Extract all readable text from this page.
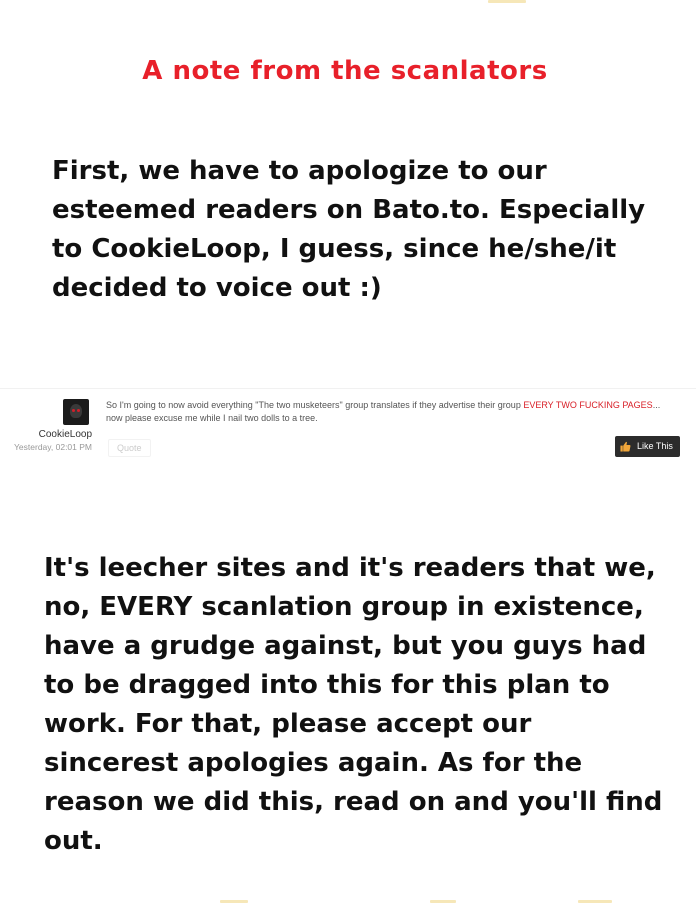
A note from the scanlators
First, we have to apologize to our esteemed readers on Bato.to. Especially to CookieLoop, I guess, since he/she/it decided to voice out :)
CookieLoop
Yesterday, 02:01 PM
So I'm going to now avoid everything "The two musketeers" group translates if they advertise their group EVERY TWO FUCKING PAGES... now please excuse me while I nail two dolls to a tree.
Quote	Like This
It's leecher sites and it's readers that we, no, EVERY scanlation group in existence, have a grudge against, but you guys had to be dragged into this for this plan to work. For that, please accept our sincerest apologies again. As for the reason we did this, read on and you'll find out.
